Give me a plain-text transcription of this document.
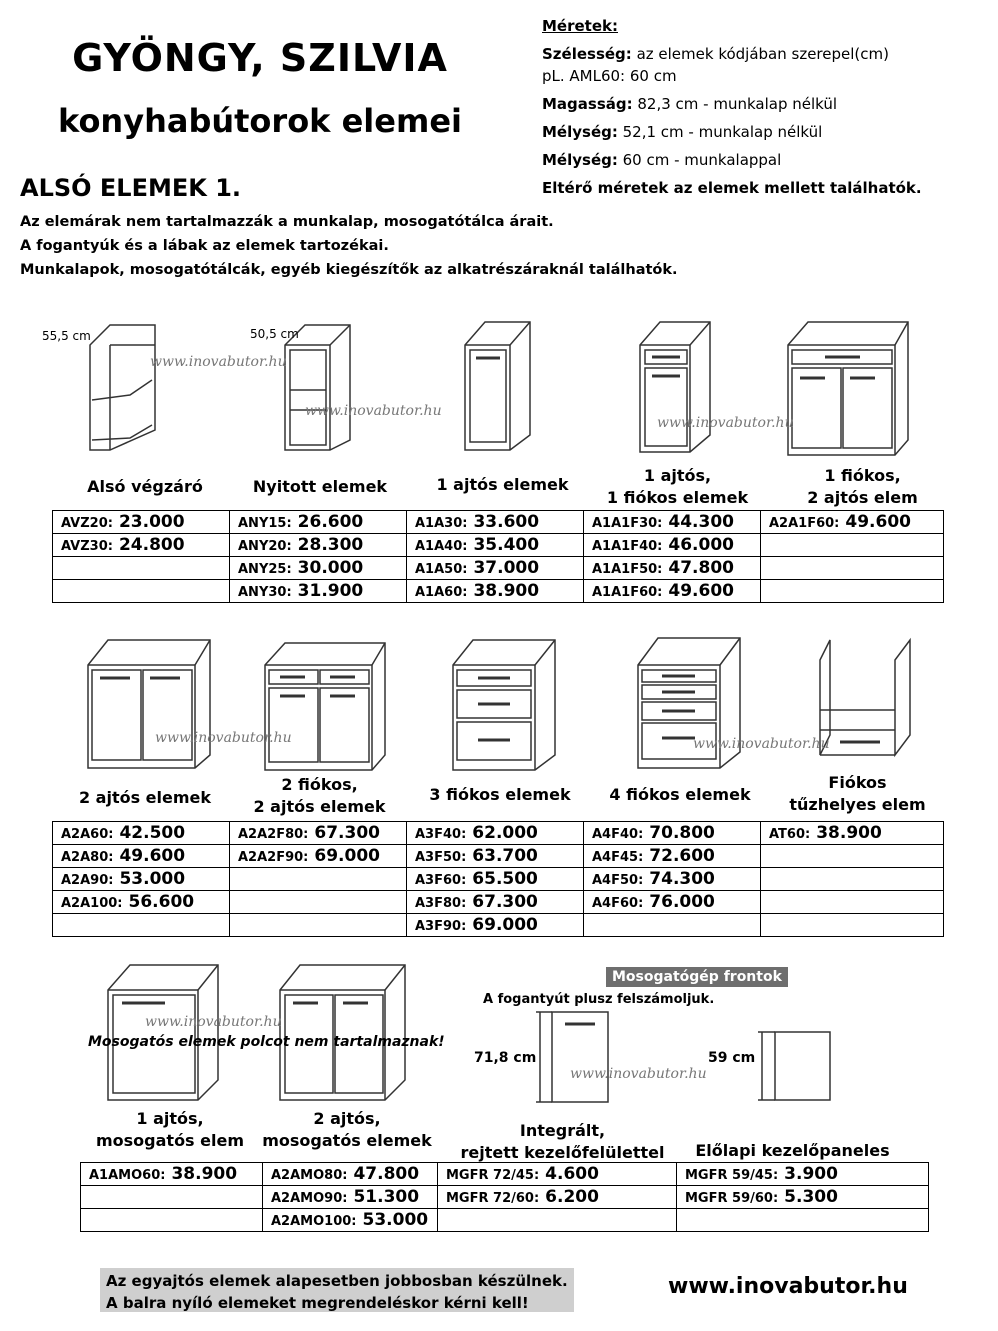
GYÖNGY, SZILVIA
konyhabútorok elemei
Méretek:
Szélesség: az elemek kódjában szerepel(cm)
pL. AML60: 60 cm
Magasság: 82,3 cm - munkalap nélkül
Mélység: 52,1 cm - munkalap nélkül
Mélység: 60 cm - munkalappal
Eltérő méretek az elemek mellett találhatók.
ALSÓ ELEMEK 1.
Az elemárak nem tartalmazzák a munkalap, mosogatótálca árait.
A fogantyúk és a lábak az elemek tartozékai.
Munkalapok, mosogatótálcák, egyéb kiegészítők az alkatrészáraknál találhatók.
55,5 cm	50,5 cm
71,8 cm	59 cm
www.inovabutor.hu
www.inovabutor.hu
www.inovabutor.hu
www.inovabutor.hu	www.inovabutor.hu
www.inovabutor.hu
www.inovabutor.hu
Alsó végzáró	Nyitott elemek	1 ajtós elemek	1 ajtós,
1 fiókos elemek
1 fiókos,
2 ajtós elem
AVZ20: 23.000	ANY15: 26.600	A1A30: 33.600	A1A1F30: 44.300	A2A1F60: 49.600
AVZ30: 24.800	ANY20: 28.300	A1A40: 35.400	A1A1F40: 46.000	
	ANY25: 30.000	A1A50: 37.000	A1A1F50: 47.800	
	ANY30: 31.900	A1A60: 38.900	A1A1F60: 49.600	
2 ajtós elemek
2 fiókos,
2 ajtós elemek
3 fiókos elemek	4 fiókos elemek
Fiókos
tűzhelyes elem
A2A60: 42.500	A2A2F80: 67.300	A3F40: 62.000	A4F40: 70.800	AT60: 38.900
A2A80: 49.600	A2A2F90: 69.000	A3F50: 63.700	A4F45: 72.600	
A2A90: 53.000		A3F60: 65.500	A4F50: 74.300	
A2A100: 56.600		A3F80: 67.300	A4F60: 76.000	
		A3F90: 69.000		
Mosogatógép frontok
A fogantyút plusz felszámoljuk.
Mosogatós elemek polcot nem tartalmaznak!
1 ajtós,
mosogatós elem
2 ajtós,
mosogatós elemek
Integrált,
rejtett kezelőfelülettel	Előlapi kezelőpaneles
A1AMO60: 38.900	A2AMO80: 47.800	MGFR 72/45: 4.600	MGFR 59/45: 3.900
	A2AMO90: 51.300	MGFR 72/60: 6.200	MGFR 59/60: 5.300
	A2AMO100: 53.000		
Az egyajtós elemek alapesetben jobbosban készülnek.
A balra nyíló elemeket megrendeléskor kérni kell!
www.inovabutor.hu
